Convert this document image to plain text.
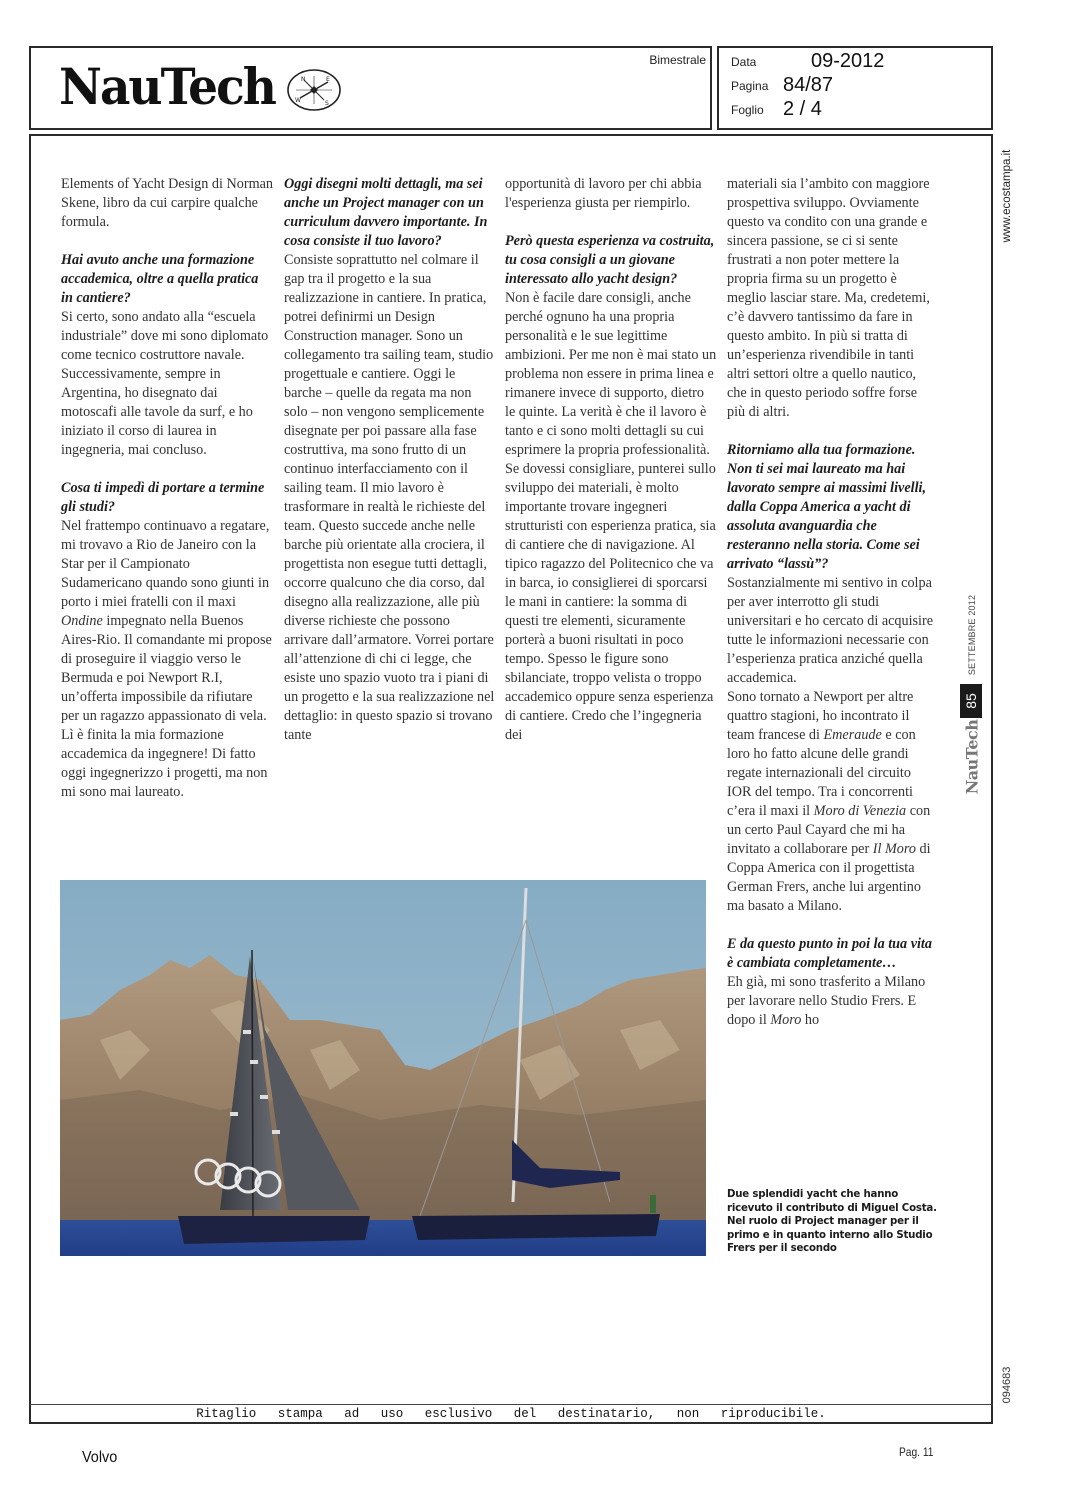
NauTech	N	E
W	S
Bimestrale Data	09-2012
Pagina 84/87
Foglio 2 / 4

Elements of Yacht Design di Norman Skene, libro da cui carpire qualche formula.

Hai avuto anche una formazione accademica, oltre a quella pratica in cantiere?

Si certo, sono andato alla “escuela industriale” dove mi sono diplomato come tecnico costruttore navale. Successivamente, sempre in Argentina, ho disegnato dai motoscafi alle tavole da surf, e ho iniziato il corso di laurea in ingegneria, mai concluso.

Cosa ti impedì di portare a termine gli studi?

Nel frattempo continuavo a regatare, mi trovavo a Rio de Janeiro con la Star per il Campionato Sudamericano quando sono giunti in porto i miei fratelli con il maxi Ondine impegnato nella Buenos Aires-Rio. Il comandante mi propose di proseguire il viaggio verso le Bermuda e poi Newport R.I, un’offerta impossibile da rifiutare per un ragazzo appassionato di vela. Lì è finita la mia formazione accademica da ingegnere! Di fatto oggi ingegnerizzo i progetti, ma non mi sono mai laureato.

Oggi disegni molti dettagli, ma sei anche un Project manager con un curriculum davvero importante. In cosa consiste il tuo lavoro?

Consiste soprattutto nel colmare il gap tra il progetto e la sua realizzazione in cantiere. In pratica, potrei definirmi un Design Construction manager. Sono un collegamento tra sailing team, studio progettuale e cantiere. Oggi le barche – quelle da regata ma non solo – non vengono semplicemente disegnate per poi passare alla fase costruttiva, ma sono frutto di un continuo interfacciamento con il sailing team. Il mio lavoro è trasformare in realtà le richieste del team. Questo succede anche nelle barche più orientate alla crociera, il progettista non esegue tutti dettagli, occorre qualcuno che dia corso, dal disegno alla realizzazione, alle più diverse richieste che possono arrivare dall’armatore. Vorrei portare all’attenzione di chi ci legge, che esiste uno spazio vuoto tra i piani di un progetto e la sua realizzazione nel dettaglio: in questo spazio si trovano tante

opportunità di lavoro per chi abbia l'esperienza giusta per riempirlo.

Però questa esperienza va costruita, tu cosa consigli a un giovane interessato allo yacht design?

Non è facile dare consigli, anche perché ognuno ha una propria personalità e le sue legittime ambizioni. Per me non è mai stato un problema non essere in prima linea e rimanere invece di supporto, dietro le quinte. La verità è che il lavoro è tanto e ci sono molti dettagli su cui esprimere la propria professionalità. Se dovessi consigliare, punterei sullo sviluppo dei materiali, è molto importante trovare ingegneri strutturisti con esperienza pratica, sia di cantiere che di navigazione. Al tipico ragazzo del Politecnico che va in barca, io consiglierei di sporcarsi le mani in cantiere: la somma di questi tre elementi, sicuramente porterà a buoni risultati in poco tempo. Spesso le figure sono sbilanciate, troppo velista o troppo accademico oppure senza esperienza di cantiere. Credo che l’ingegneria dei

materiali sia l’ambito con maggiore prospettiva sviluppo. Ovviamente questo va condito con una grande e sincera passione, se ci si sente frustrati a non poter mettere la propria firma su un progetto è meglio lasciar stare. Ma, credetemi, c’è davvero tantissimo da fare in questo ambito. In più si tratta di un’esperienza rivendibile in tanti altri settori oltre a quello nautico, che in questo periodo soffre forse più di altri.

Ritorniamo alla tua formazione. Non ti sei mai laureato ma hai lavorato sempre ai massimi livelli, dalla Coppa America a yacht di assoluta avanguardia che resteranno nella storia. Come sei arrivato “lassù”?

Sostanzialmente mi sentivo in colpa per aver interrotto gli studi universitari e ho cercato di acquisire tutte le informazioni necessarie con l’esperienza pratica anziché quella accademica.

Sono tornato a Newport per altre quattro stagioni, ho incontrato il team francese di Emeraude e con loro ho fatto alcune delle grandi regate internazionali del circuito IOR del tempo. Tra i concorrenti c’era il maxi il Moro di Venezia con un certo Paul Cayard che mi ha invitato a collaborare per Il Moro di Coppa America con il progettista German Frers, anche lui argentino ma basato a Milano.

E da questo punto in poi la tua vita è cambiata completamente…

Eh già, mi sono trasferito a Milano per lavorare nello Studio Frers. E dopo il Moro ho

Due splendidi yacht che hanno ricevuto il contributo di Miguel Costa. Nel ruolo di Project manager per il primo e in quanto interno allo Studio Frers per il secondo
SETTEMBRE 2012
85
NauTech
www.ecostampa.it
094683
Ritaglio stampa ad uso esclusivo del destinatario, non riproducibile.
Volvo	Pag. 11
